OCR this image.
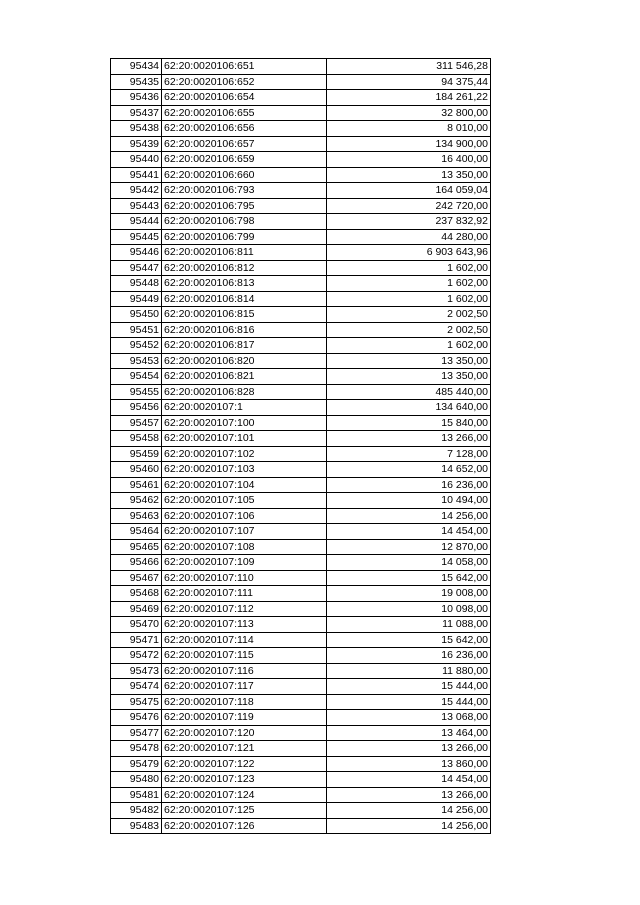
95434	62:20:0020106:651	311 546,28
95435	62:20:0020106:652	94 375,44
95436	62:20:0020106:654	184 261,22
95437	62:20:0020106:655	32 800,00
95438	62:20:0020106:656	8 010,00
95439	62:20:0020106:657	134 900,00
95440	62:20:0020106:659	16 400,00
95441	62:20:0020106:660	13 350,00
95442	62:20:0020106:793	164 059,04
95443	62:20:0020106:795	242 720,00
95444	62:20:0020106:798	237 832,92
95445	62:20:0020106:799	44 280,00
95446	62:20:0020106:811	6 903 643,96
95447	62:20:0020106:812	1 602,00
95448	62:20:0020106:813	1 602,00
95449	62:20:0020106:814	1 602,00
95450	62:20:0020106:815	2 002,50
95451	62:20:0020106:816	2 002,50
95452	62:20:0020106:817	1 602,00
95453	62:20:0020106:820	13 350,00
95454	62:20:0020106:821	13 350,00
95455	62:20:0020106:828	485 440,00
95456	62:20:0020107:1	134 640,00
95457	62:20:0020107:100	15 840,00
95458	62:20:0020107:101	13 266,00
95459	62:20:0020107:102	7 128,00
95460	62:20:0020107:103	14 652,00
95461	62:20:0020107:104	16 236,00
95462	62:20:0020107:105	10 494,00
95463	62:20:0020107:106	14 256,00
95464	62:20:0020107:107	14 454,00
95465	62:20:0020107:108	12 870,00
95466	62:20:0020107:109	14 058,00
95467	62:20:0020107:110	15 642,00
95468	62:20:0020107:111	19 008,00
95469	62:20:0020107:112	10 098,00
95470	62:20:0020107:113	11 088,00
95471	62:20:0020107:114	15 642,00
95472	62:20:0020107:115	16 236,00
95473	62:20:0020107:116	11 880,00
95474	62:20:0020107:117	15 444,00
95475	62:20:0020107:118	15 444,00
95476	62:20:0020107:119	13 068,00
95477	62:20:0020107:120	13 464,00
95478	62:20:0020107:121	13 266,00
95479	62:20:0020107:122	13 860,00
95480	62:20:0020107:123	14 454,00
95481	62:20:0020107:124	13 266,00
95482	62:20:0020107:125	14 256,00
95483	62:20:0020107:126	14 256,00
